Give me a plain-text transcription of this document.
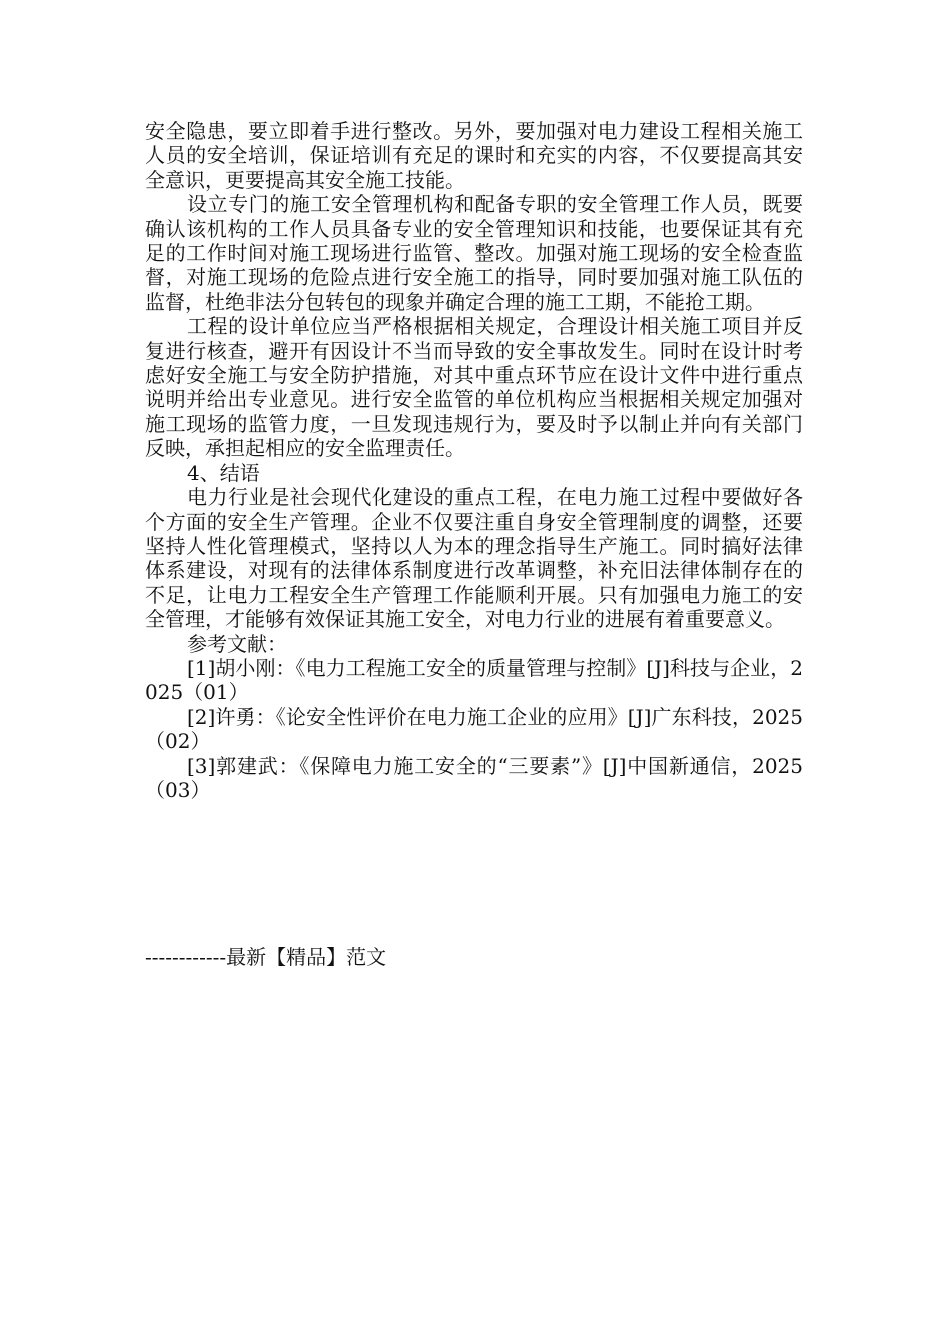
安全隐患，要立即着手进行整改。另外，要加强对电力建设工程相关施工人员的安全培训，保证培训有充足的课时和充实的内容，不仅要提高其安全意识，更要提高其安全施工技能。

设立专门的施工安全管理机构和配备专职的安全管理工作人员，既要确认该机构的工作人员具备专业的安全管理知识和技能，也要保证其有充足的工作时间对施工现场进行监管、整改。加强对施工现场的安全检查监督，对施工现场的危险点进行安全施工的指导，同时要加强对施工队伍的监督，杜绝非法分包转包的现象并确定合理的施工工期，不能抢工期。

工程的设计单位应当严格根据相关规定，合理设计相关施工项目并反复进行核查，避开有因设计不当而导致的安全事故发生。同时在设计时考虑好安全施工与安全防护措施，对其中重点环节应在设计文件中进行重点说明并给出专业意见。进行安全监管的单位机构应当根据相关规定加强对施工现场的监管力度，一旦发现违规行为，要及时予以制止并向有关部门反映，承担起相应的安全监理责任。

4、结语

电力行业是社会现代化建设的重点工程，在电力施工过程中要做好各个方面的安全生产管理。企业不仅要注重自身安全管理制度的调整，还要坚持人性化管理模式，坚持以人为本的理念指导生产施工。同时搞好法律体系建设，对现有的法律体系制度进行改革调整，补充旧法律体制存在的不足，让电力工程安全生产管理工作能顺利开展。只有加强电力施工的安全管理，才能够有效保证其施工安全，对电力行业的进展有着重要意义。

参考文献：

[1]胡小刚：《电力工程施工安全的质量管理与控制》[J]科技与企业，2025（01）

[2]许勇：《论安全性评价在电力施工企业的应用》[J]广东科技，2025（02）

[3]郭建武：《保障电力施工安全的“三要素”》[J]中国新通信，2025（03）

------------最新【精品】范文
